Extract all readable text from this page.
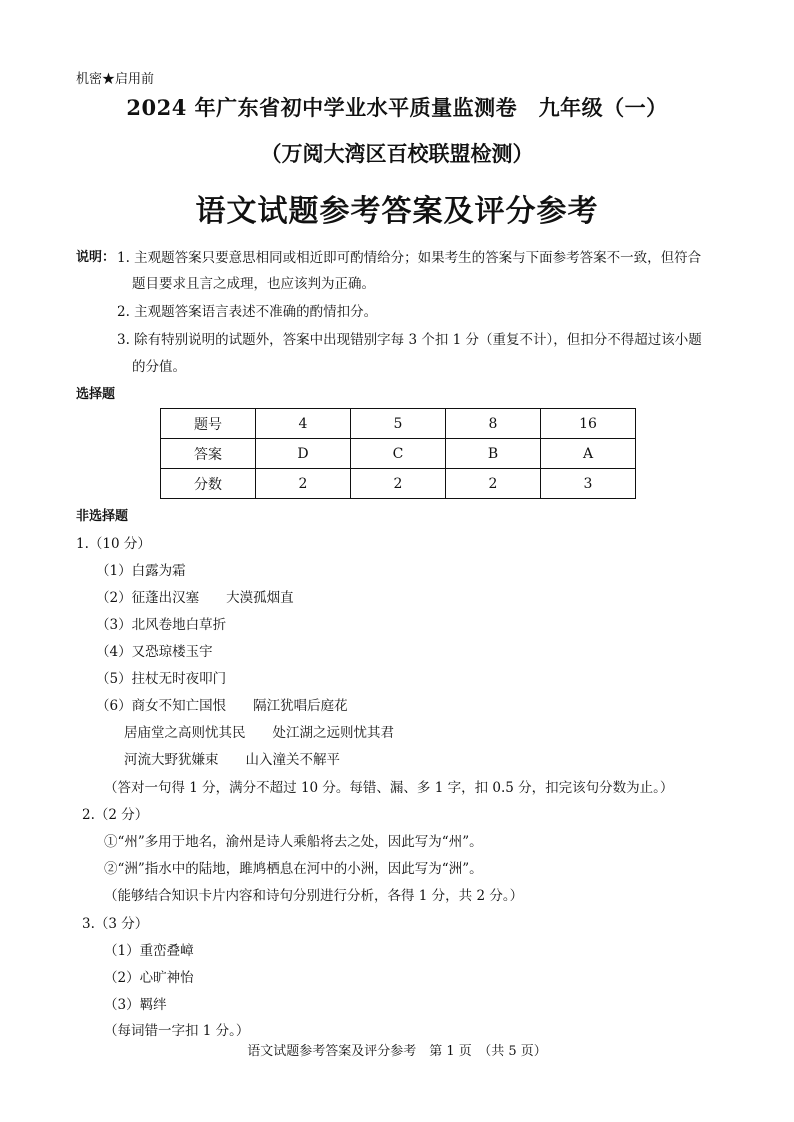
机密★启用前
2024 年广东省初中学业水平质量监测卷　九年级（一）
（万阅大湾区百校联盟检测）
语文试题参考答案及评分参考
说明： 1. 主观题答案只要意思相同或相近即可酌情给分；如果考生的答案与下面参考答案不一致，但符合
题目要求且言之成理，也应该判为正确。
2. 主观题答案语言表述不准确的酌情扣分。
3. 除有特别说明的试题外，答案中出现错别字每 3 个扣 1 分（重复不计），但扣分不得超过该小题
的分值。
选择题
题号	4	5	8	16
答案	D	C	B	A
分数	2	2	2	3
非选择题
1.（10 分）
（1）白露为霜
（2）征蓬出汉塞　　大漠孤烟直
（3）北风卷地白草折
（4）又恐琼楼玉宇
（5）拄杖无时夜叩门
（6）商女不知亡国恨　　隔江犹唱后庭花
居庙堂之高则忧其民　　处江湖之远则忧其君
河流大野犹嫌束　　山入潼关不解平
（答对一句得 1 分，满分不超过 10 分。每错、漏、多 1 字，扣 0.5 分，扣完该句分数为止。）
2.（2 分）
①“州”多用于地名，渝州是诗人乘船将去之处，因此写为“州”。
②“洲”指水中的陆地，雎鸠栖息在河中的小洲，因此写为“洲”。
（能够结合知识卡片内容和诗句分别进行分析，各得 1 分，共 2 分。）
3.（3 分）
（1）重峦叠嶂
（2）心旷神怡
（3）羁绊
（每词错一字扣 1 分。）
语文试题参考答案及评分参考　第 1 页　（共 5 页）
